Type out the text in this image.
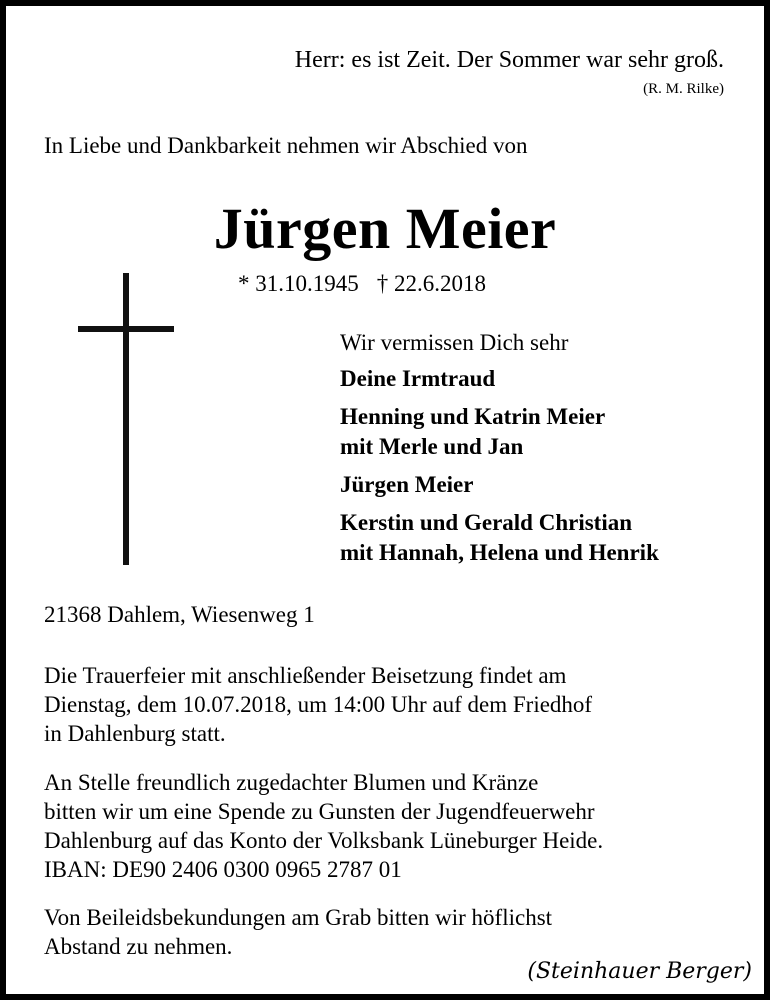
Herr: es ist Zeit. Der Sommer war sehr groß.
(R. M. Rilke)
In Liebe und Dankbarkeit nehmen wir Abschied von
Jürgen Meier
* 31.10.1945 † 22.6.2018
Wir vermissen Dich sehr
Deine Irmtraud
Henning und Katrin Meier
mit Merle und Jan
Jürgen Meier
Kerstin und Gerald Christian
mit Hannah, Helena und Henrik
21368 Dahlem, Wiesenweg 1
Die Trauerfeier mit anschließender Beisetzung findet am
Dienstag, dem 10.07.2018, um 14:00 Uhr auf dem Friedhof
in Dahlenburg statt.
An Stelle freundlich zugedachter Blumen und Kränze
bitten wir um eine Spende zu Gunsten der Jugendfeuerwehr
Dahlenburg auf das Konto der Volksbank Lüneburger Heide.
IBAN: DE90 2406 0300 0965 2787 01
Von Beileidsbekundungen am Grab bitten wir höflichst
Abstand zu nehmen.
(Steinhauer Berger)
